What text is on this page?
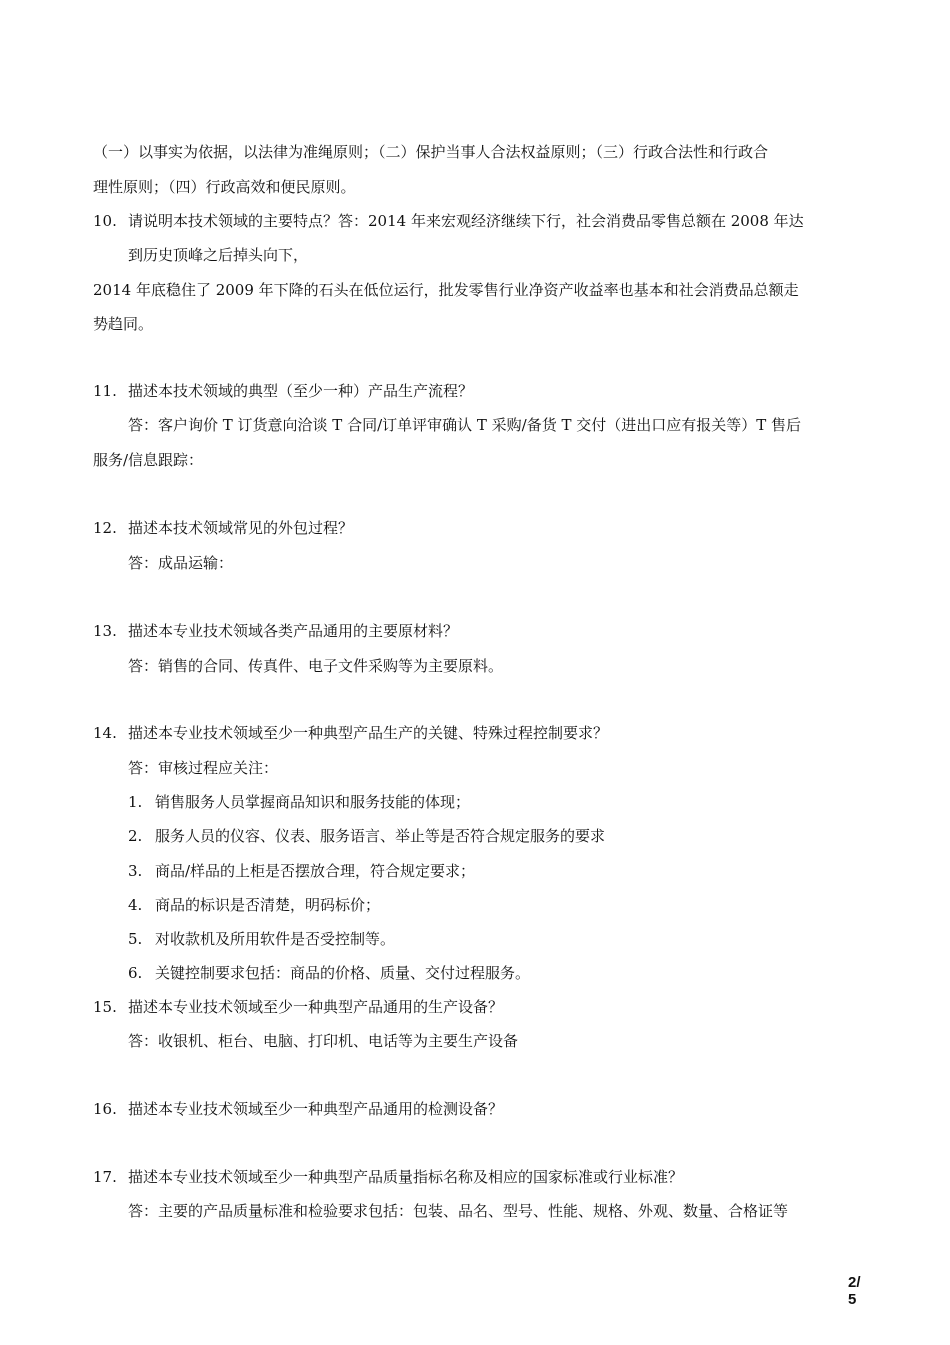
（一）以事实为依据，以法律为准绳原则；（二）保护当事人合法权益原则；（三）行政合法性和行政合
理性原则；（四）行政高效和便民原则。
10. 请说明本技术领域的主要特点？答：2014 年来宏观经济继续下行，社会消费品零售总额在 2008 年达
到历史顶峰之后掉头向下，
2014 年底稳住了 2009 年下降的石头在低位运行，批发零售行业净资产收益率也基本和社会消费品总额走
势趋同。
11. 描述本技术领域的典型（至少一种）产品生产流程？
答：客户询价 T 订货意向洽谈 T 合同/订单评审确认 T 采购/备货 T 交付（进出口应有报关等）T 售后
服务/信息跟踪：
12. 描述本技术领域常见的外包过程？
答：成品运输：
13. 描述本专业技术领域各类产品通用的主要原材料？
答：销售的合同、传真件、电子文件采购等为主要原料。
14. 描述本专业技术领域至少一种典型产品生产的关键、特殊过程控制要求？
答：审核过程应关注：
1. 销售服务人员掌握商品知识和服务技能的体现；
2. 服务人员的仪容、仪表、服务语言、举止等是否符合规定服务的要求
3. 商品/样品的上柜是否摆放合理，符合规定要求；
4. 商品的标识是否清楚，明码标价；
5. 对收款机及所用软件是否受控制等。
6. 关键控制要求包括：商品的价格、质量、交付过程服务。
15. 描述本专业技术领域至少一种典型产品通用的生产设备？
答：收银机、柜台、电脑、打印机、电话等为主要生产设备
16. 描述本专业技术领域至少一种典型产品通用的检测设备？
17. 描述本专业技术领域至少一种典型产品质量指标名称及相应的国家标准或行业标准？
答：主要的产品质量标准和检验要求包括：包装、品名、型号、性能、规格、外观、数量、合格证等
2/
5
